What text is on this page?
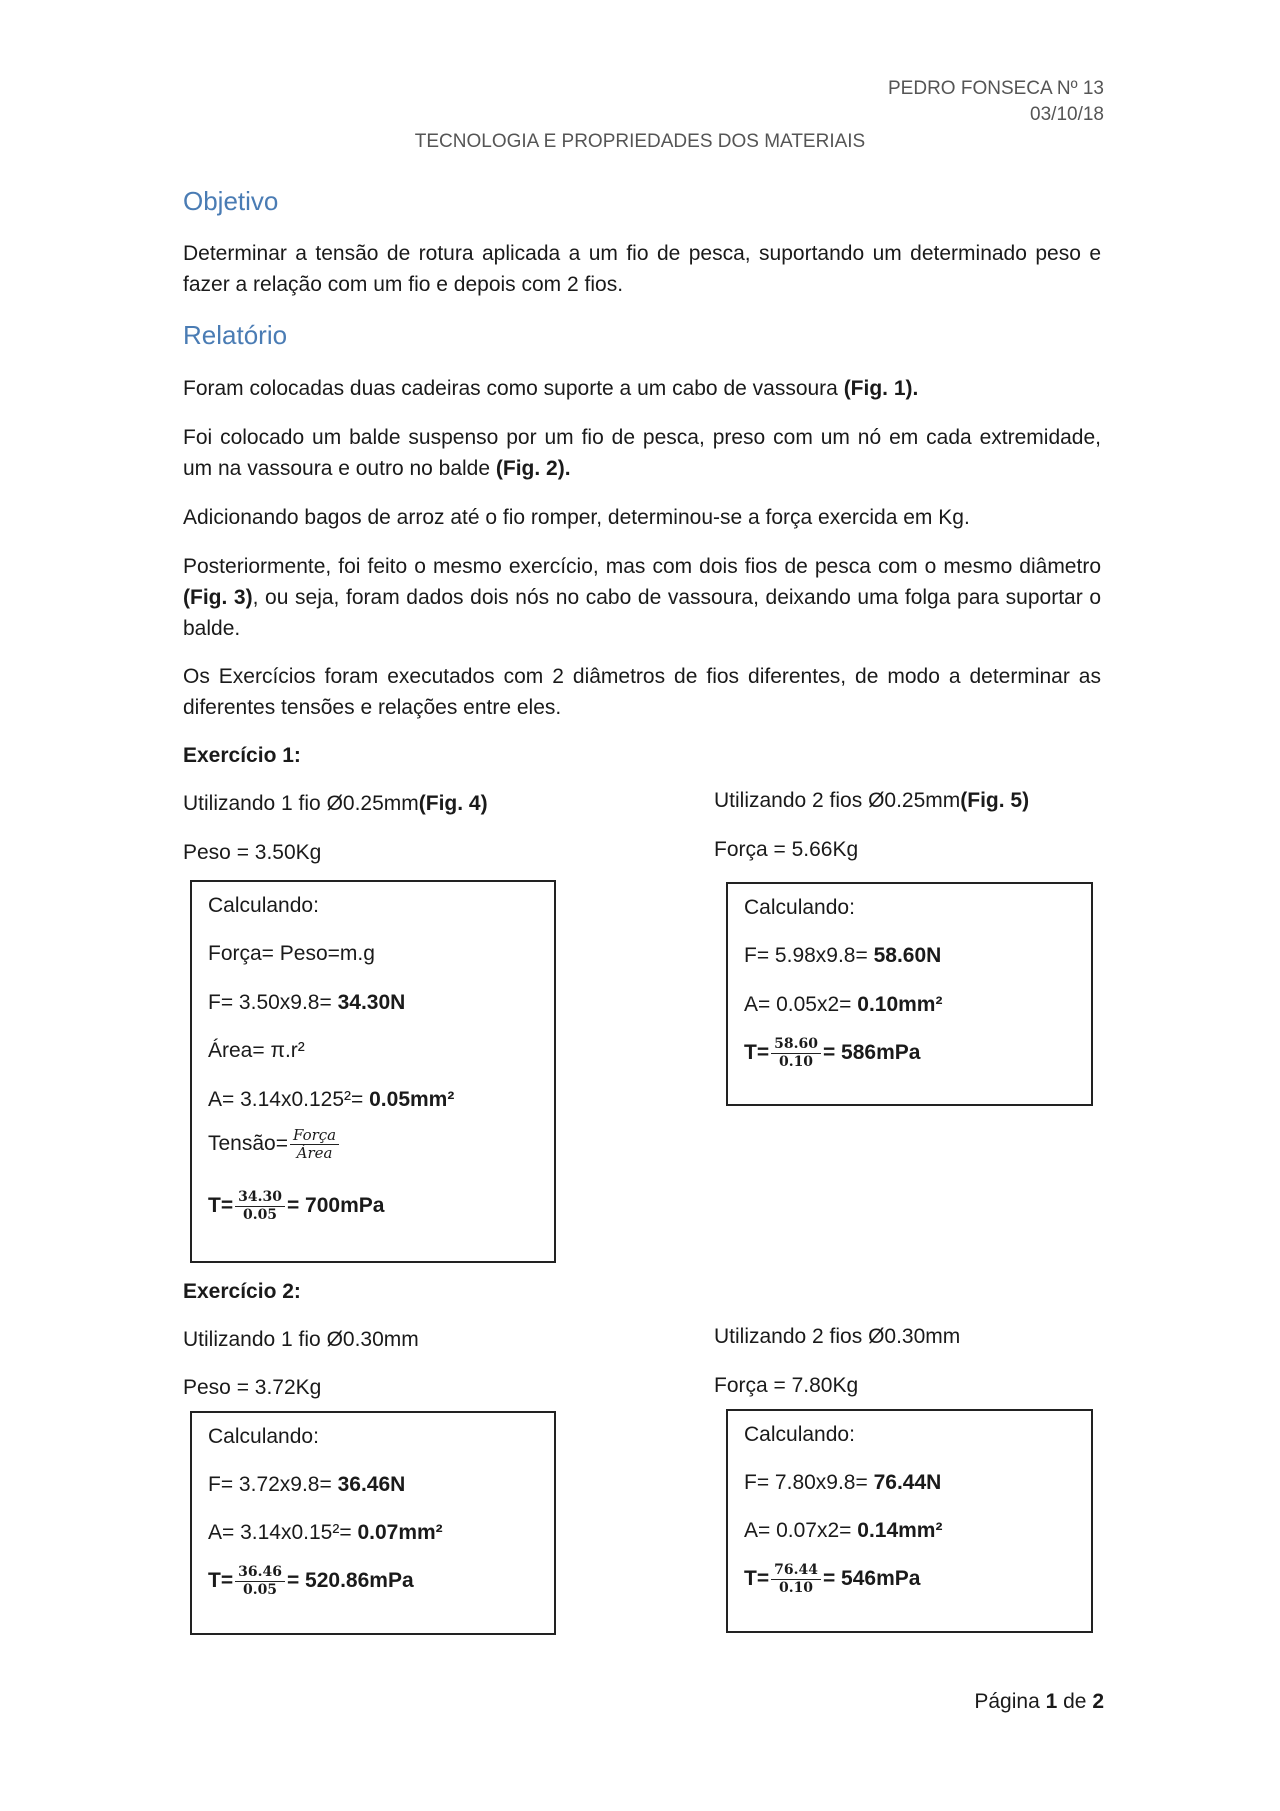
PEDRO FONSECA Nº 13
03/10/18
TECNOLOGIA E PROPRIEDADES DOS MATERIAIS
Objetivo
Determinar a tensão de rotura aplicada a um fio de pesca, suportando um determinado peso e fazer a relação com um fio e depois com 2 fios.
Relatório
Foram colocadas duas cadeiras como suporte a um cabo de vassoura (Fig. 1).
Foi colocado um balde suspenso por um fio de pesca, preso com um nó em cada extremidade, um na vassoura e outro no balde (Fig. 2).
Adicionando bagos de arroz até o fio romper, determinou-se a força exercida em Kg.
Posteriormente, foi feito o mesmo exercício, mas com dois fios de pesca com o mesmo diâmetro (Fig. 3), ou seja, foram dados dois nós no cabo de vassoura, deixando uma folga para suportar o balde.
Os Exercícios foram executados com 2 diâmetros de fios diferentes, de modo a determinar as diferentes tensões e relações entre eles.
Exercício 1:
Utilizando 1 fio Ø0.25mm(Fig. 4)
Peso = 3.50Kg
Calculando:
Força= Peso=m.g
F= 3.50x9.8= 34.30N
Área= π.r²
A= 3.14x0.125²= 0.05mm²
Tensão= $\frac{\text{Força}}{\text{Área}}$
$T= \frac{34.30}{0.05} = 700mPa$
Utilizando 2 fios Ø0.25mm(Fig. 5)
Força = 5.66Kg
Calculando:
F= 5.98x9.8= 58.60N
A= 0.05x2= 0.10mm²
$T= \frac{58.60}{0.10} = 586mPa$
Exercício 2:
Utilizando 1 fio Ø0.30mm
Peso = 3.72Kg
Calculando:
F= 3.72x9.8= 36.46N
A= 3.14x0.15²= 0.07mm²
$T= \frac{36.46}{0.05} = 520.86mPa$
Utilizando 2 fios Ø0.30mm
Força = 7.80Kg
Calculando:
F= 7.80x9.8= 76.44N
A= 0.07x2= 0.14mm²
$T= \frac{76.44}{0.10} = 546mPa$
Página 1 de 2
